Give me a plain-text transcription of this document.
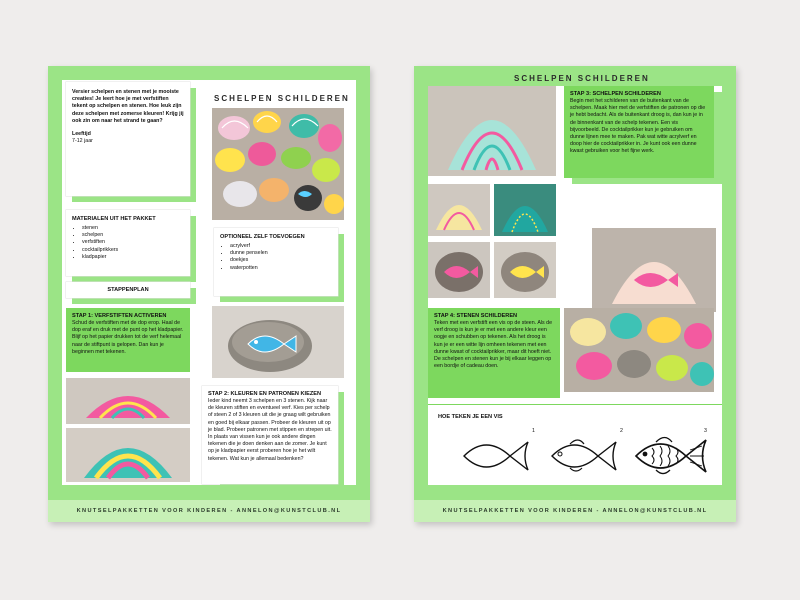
Versier schelpen en stenen met je mooiste creaties! Je leert hoe je met verfstiften tekent op schelpen en stenen. Hoe leuk zijn deze schelpen met zomerse kleuren! Krijg jij ook zin om naar het strand te gaan?
Leeftijd
7-12 jaar
SCHELPEN SCHILDEREN
MATERIALEN UIT HET PAKKET
• stenen
• schelpen
• verfstiften
• cocktailprikkers
• kladpapier
OPTIONEEL ZELF TOEVOEGEN
• acrylverf
• dunne penselen
• doekjes
• waterpotten
STAPPENPLAN
STAP 1: VERFSTIFTEN ACTIVEREN
Schud de verfstiften met de dop erop. Haal de dop eraf en druk met de punt op het kladpapier. Blijf op het papier drukken tot de verf helemaal naar de stiftpunt is gelopen. Dan kun je beginnen met tekenen.
STAP 2: KLEUREN EN PATRONEN KIEZEN
Ieder kind neemt 3 schelpen en 3 stenen. Kijk naar de kleuren stiften en eventueel verf. Kies per schelp of steen 2 of 3 kleuren uit die je graag wilt gebruiken en goed bij elkaar passen. Probeer de kleuren uit op je blad. Probeer patronen met stippen en strepen uit. In plaats van vissen kun je ook andere dingen tekenen die je doen denken aan de zomer. Je kunt op je kladpapier eerst proberen hoe je het wilt tekenen. Wat kun je allemaal bedenken?
KNUTSELPAKKETTEN VOOR KINDEREN - ANNELON@KUNSTCLUB.NL
SCHELPEN SCHILDEREN
STAP 3: SCHELPEN SCHILDEREN
Begin met het schilderen van de buitenkant van de schelpen. Maak hier met de verfstiften de patronen op die je hebt bedacht. Als de buitenkant droog is, dan kun je in de binnenkant van de schelp tekenen. Een vis bijvoorbeeld. De cocktailprikker kun je gebruiken om dunne lijnen mee te maken. Pak wat witte acrylverf en doop hier de cocktailprikker in. Je kunt ook een dunne kwast gebruiken voor het fijne werk.
STAP 4: STENEN SCHILDEREN
Teken met een verfstift een vis op de steen. Als de verf droog is kun je er met een andere kleur een oogje en schubben op tekenen. Als het droog is kun je er een witte lijn omheen tekenen met een dunne kwast of cocktailprikker, maar dit hoeft niet. De schelpen en stenen kun je bij elkaar leggen op een bordje of cadeau doen.
HOE TEKEN JE EEN VIS
1	2	3
KNUTSELPAKKETTEN VOOR KINDEREN - ANNELON@KUNSTCLUB.NL
